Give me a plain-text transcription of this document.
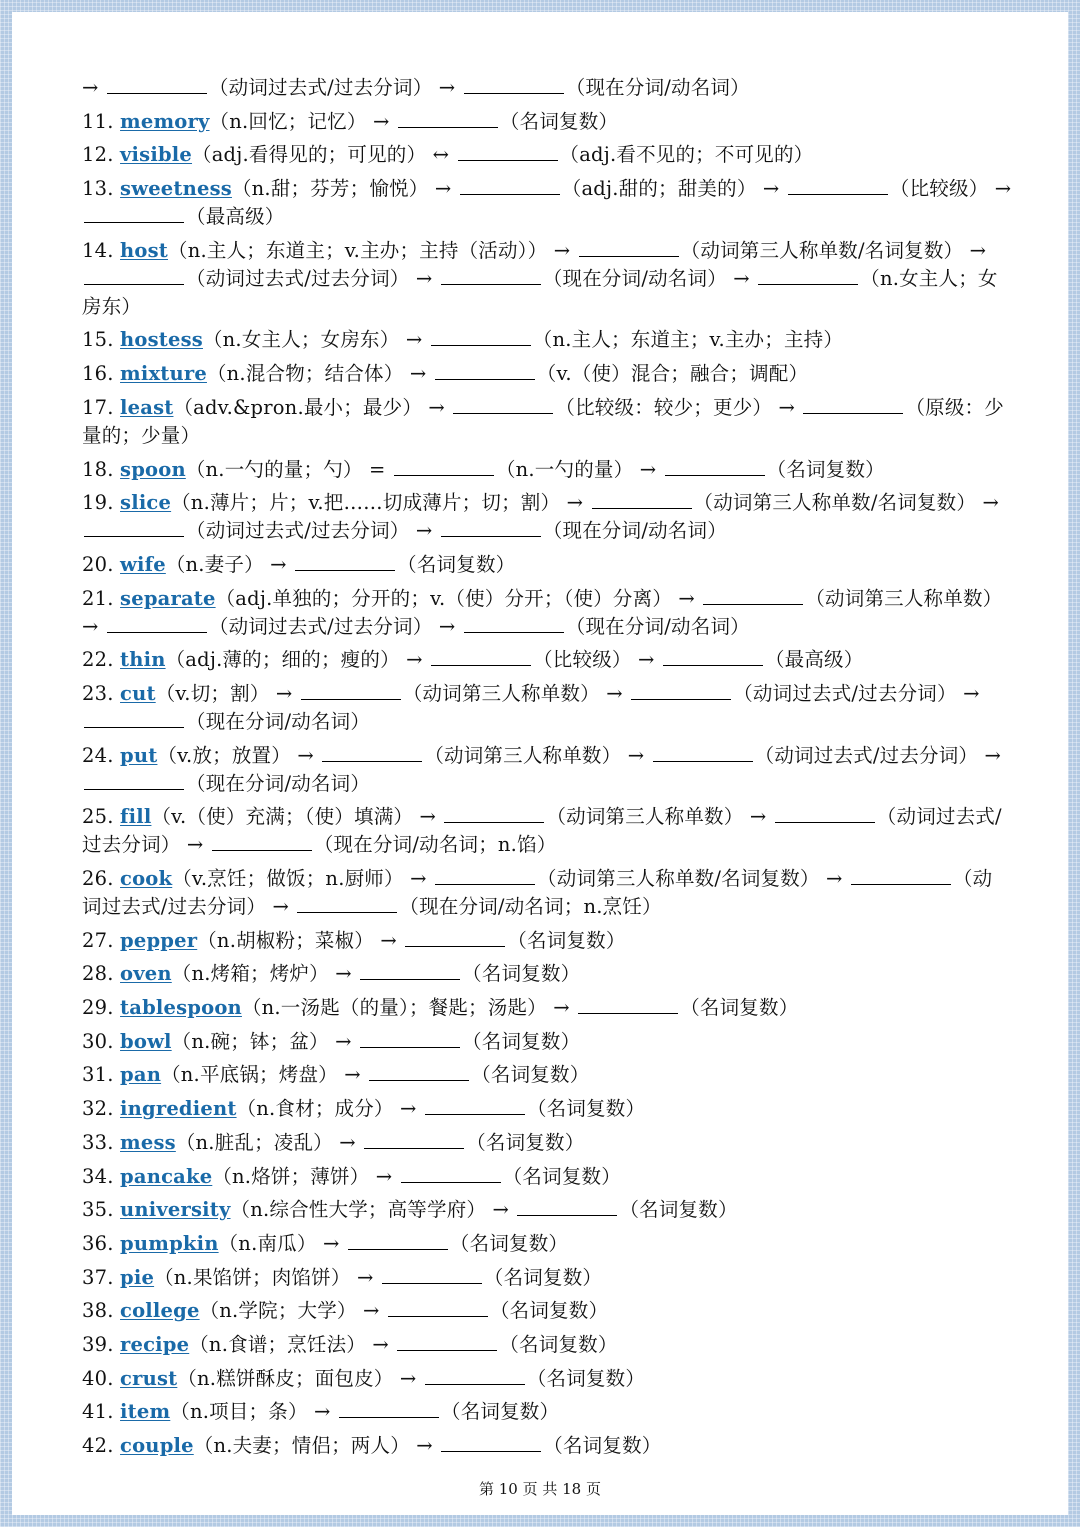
→	（动词过去式/过去分词） →	（现在分词/动名词）
11. memory（n.回忆；记忆） →	（名词复数）
12. visible（adj.看得见的；可见的） ↔	（adj.看不见的；不可见的）
13. sweetness（n.甜；芬芳；愉悦） →	（adj.甜的；甜美的） →	（比较级） → （最高级）
14. host（n.主人；东道主；v.主办；主持（活动）） →	（动词第三人称单数/名词复数） → （动词过去式/过去分词） →	（现在分词/动名词） →	（n.女主人；女房东）
15. hostess（n.女主人；女房东） →	（n.主人；东道主；v.主办；主持）
16. mixture（n.混合物；结合体） →	（v.（使）混合；融合；调配）
17. least（adv.&pron.最小；最少） →	（比较级：较少；更少） →	（原级：少量的；少量）
18. spoon（n.一勺的量；勺） =	（n.一勺的量） →	（名词复数）
19. slice（n.薄片；片；v.把……切成薄片；切；割） →	（动词第三人称单数/名词复数） → （动词过去式/过去分词） →	（现在分词/动名词）
20. wife（n.妻子） →	（名词复数）
21. separate（adj.单独的；分开的；v.（使）分开；（使）分离） →	（动词第三人称单数） →	（动词过去式/过去分词） →	（现在分词/动名词）
22. thin（adj.薄的；细的；瘦的） →	（比较级） →	（最高级）
23. cut（v.切；割） →	（动词第三人称单数） →	（动词过去式/过去分词） → （现在分词/动名词）
24. put（v.放；放置） →	（动词第三人称单数） →	（动词过去式/过去分词） → （现在分词/动名词）
25. fill（v.（使）充满；（使）填满） →	（动词第三人称单数） →	（动词过去式/过去分词） →	（现在分词/动名词；n.馅）
26. cook（v.烹饪；做饭；n.厨师） →	（动词第三人称单数/名词复数） →	（动词过去式/过去分词） →	（现在分词/动名词；n.烹饪）
27. pepper（n.胡椒粉；菜椒） →	（名词复数）
28. oven（n.烤箱；烤炉） →	（名词复数）
29. tablespoon（n.一汤匙（的量）；餐匙；汤匙） →	（名词复数）
30. bowl（n.碗；钵；盆） →	（名词复数）
31. pan（n.平底锅；烤盘） →	（名词复数）
32. ingredient（n.食材；成分） →	（名词复数）
33. mess（n.脏乱；凌乱） →	（名词复数）
34. pancake（n.烙饼；薄饼） →	（名词复数）
35. university（n.综合性大学；高等学府） →	（名词复数）
36. pumpkin（n.南瓜） →	（名词复数）
37. pie（n.果馅饼；肉馅饼） →	（名词复数）
38. college（n.学院；大学） →	（名词复数）
39. recipe（n.食谱；烹饪法） →	（名词复数）
40. crust（n.糕饼酥皮；面包皮） →	（名词复数）
41. item（n.项目；条） →	（名词复数）
42. couple（n.夫妻；情侣；两人） →	（名词复数）
第 10 页 共 18 页
